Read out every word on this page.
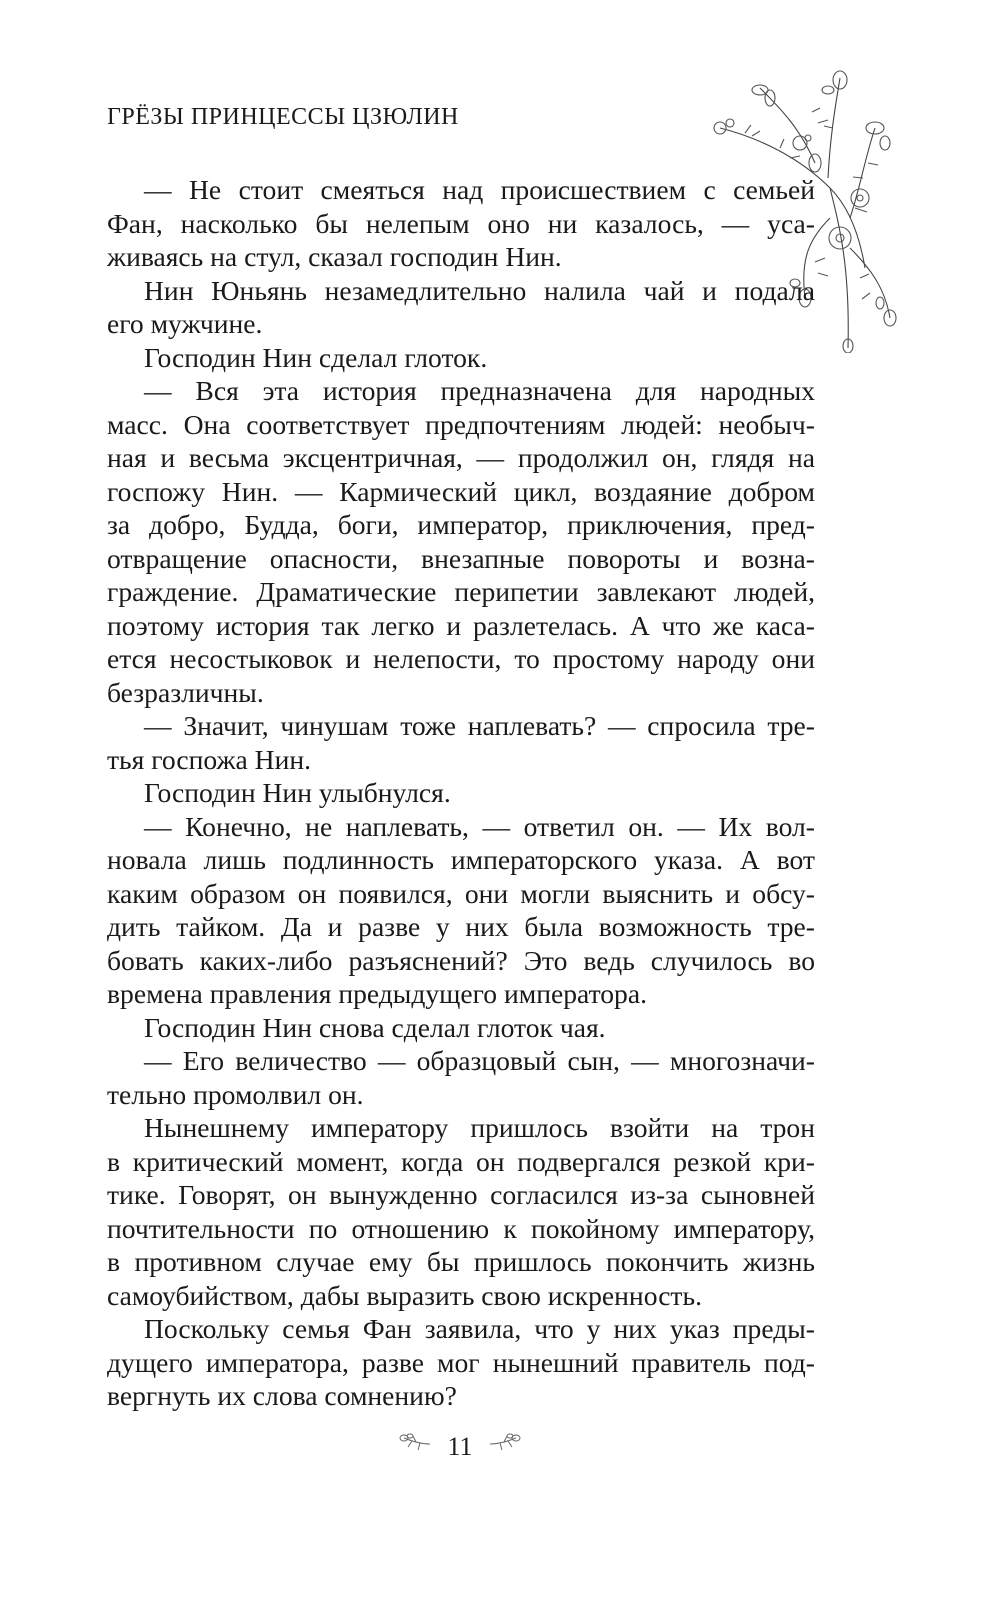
ГРЁЗЫ ПРИНЦЕССЫ ЦЗЮЛИН
— Не стоит смеяться над происшествием с семьей
Фан, насколько бы нелепым оно ни казалось, — уса-
живаясь на стул, сказал господин Нин.
Нин Юньянь незамедлительно налила чай и подала
его мужчине.
Господин Нин сделал глоток.
— Вся эта история предназначена для народных
масс. Она соответствует предпочтениям людей: необыч-
ная и весьма эксцентричная, — продолжил он, глядя на
госпожу Нин. — Кармический цикл, воздаяние добром
за добро, Будда, боги, император, приключения, пред-
отвращение опасности, внезапные повороты и возна-
граждение. Драматические перипетии завлекают людей,
поэтому история так легко и разлетелась. А что же каса-
ется несостыковок и нелепости, то простому народу они
безразличны.
— Значит, чинушам тоже наплевать? — спросила тре-
тья госпожа Нин.
Господин Нин улыбнулся.
— Конечно, не наплевать, — ответил он. — Их вол-
новала лишь подлинность императорского указа. А вот
каким образом он появился, они могли выяснить и обсу-
дить тайком. Да и разве у них была возможность тре-
бовать каких-либо разъяснений? Это ведь случилось во
времена правления предыдущего императора.
Господин Нин снова сделал глоток чая.
— Его величество — образцовый сын, — многозначи-
тельно промолвил он.
Нынешнему императору пришлось взойти на трон
в критический момент, когда он подвергался резкой кри-
тике. Говорят, он вынужденно согласился из-за сыновней
почтительности по отношению к покойному императору,
в противном случае ему бы пришлось покончить жизнь
самоубийством, дабы выразить свою искренность.
Поскольку семья Фан заявила, что у них указ преды-
дущего императора, разве мог нынешний правитель под-
вергнуть их слова сомнению?
11
